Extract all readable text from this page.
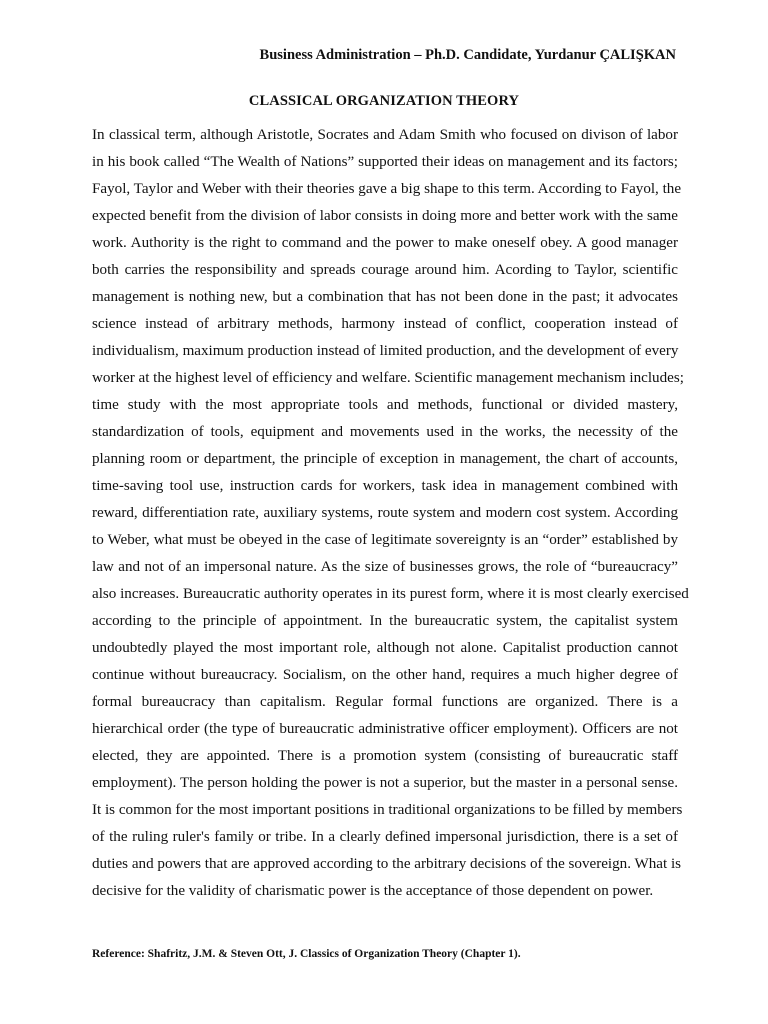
Business Administration – Ph.D. Candidate, Yurdanur ÇALIŞKAN
CLASSICAL ORGANIZATION THEORY
In classical term, although Aristotle, Socrates and Adam Smith who focused on divison of labor
in his book called “The Wealth of Nations” supported their ideas on management and its factors;
Fayol, Taylor and Weber with their theories gave a big shape to this term. According to Fayol, the
expected benefit from the division of labor consists in doing more and better work with the same
work. Authority is the right to command and the power to make oneself obey. A good manager
both carries the responsibility and spreads courage around him. Acording to Taylor, scientific
management is nothing new, but a combination that has not been done in the past; it advocates
science instead of arbitrary methods, harmony instead of conflict, cooperation instead of
individualism, maximum production instead of limited production, and the development of every
worker at the highest level of efficiency and welfare. Scientific management mechanism includes;
time study with the most appropriate tools and methods, functional or divided mastery,
standardization of tools, equipment and movements used in the works, the necessity of the
planning room or department, the principle of exception in management, the chart of accounts,
time-saving tool use, instruction cards for workers, task idea in management combined with
reward, differentiation rate, auxiliary systems, route system and modern cost system. According
to Weber, what must be obeyed in the case of legitimate sovereignty is an “order” established by
law and not of an impersonal nature. As the size of businesses grows, the role of “bureaucracy”
also increases. Bureaucratic authority operates in its purest form, where it is most clearly exercised
according to the principle of appointment. In the bureaucratic system, the capitalist system
undoubtedly played the most important role, although not alone. Capitalist production cannot
continue without bureaucracy. Socialism, on the other hand, requires a much higher degree of
formal bureaucracy than capitalism. Regular formal functions are organized. There is a
hierarchical order (the type of bureaucratic administrative officer employment). Officers are not
elected, they are appointed. There is a promotion system (consisting of bureaucratic staff
employment). The person holding the power is not a superior, but the master in a personal sense.
It is common for the most important positions in traditional organizations to be filled by members
of the ruling ruler's family or tribe. In a clearly defined impersonal jurisdiction, there is a set of
duties and powers that are approved according to the arbitrary decisions of the sovereign. What is
decisive for the validity of charismatic power is the acceptance of those dependent on power.
Reference: Shafritz, J.M. & Steven Ott, J. Classics of Organization Theory (Chapter 1).
